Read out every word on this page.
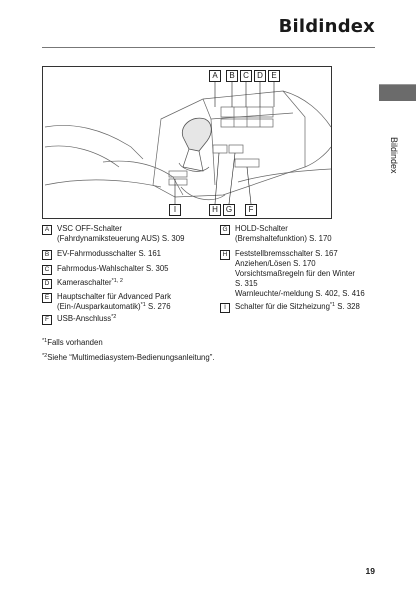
Bildindex
Bildindex
A	B	C	D	E
I	H G	F
A	VSC OFF-Schalter
(Fahrdynamiksteuerung AUS) S. 309
B	EV-Fahrmodusschalter S. 161
C Fahrmodus-Wahlschalter S. 305
D Kameraschalter$^{*1, 2}$
E	Hauptschalter für Advanced Park
(Ein-/Ausparkautomatik)$^{*1}$ S. 276
F	USB-Anschluss$^{*2}$
G HOLD-Schalter
(Bremshaltefunktion) S. 170
H Feststellbremsschalter S. 167
Anziehen/Lösen S. 170
Vorsichtsmaßregeln für den Winter
S. 315
Warnleuchte/-meldung S. 402, S. 416
I	Schalter für die Sitzheizung$^{*1}$ S. 328
$^{*1}$Falls vorhanden
$^{*2}$Siehe “Multimediasystem-Bedienungsanleitung”.
19
